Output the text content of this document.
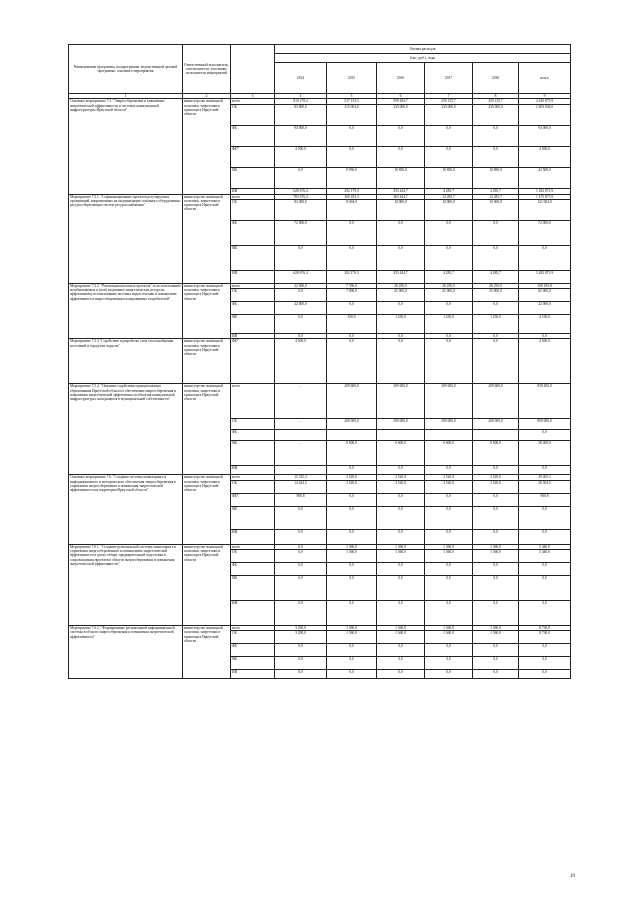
Наименование программы, подпрограммы, ведомственной целевой программы, основного мероприятия	Ответственный исполнитель, соисполнители, участники, исполнители мероприятий		Оценка расходов					
			(тыс. руб.), годы					
			2014	2015	2016	2017	2018	итого
1	2	3	4	5	6	7	8	9
Основное мероприятие 7.5. "Энергосбережение и повышение энергетической эффективности в системах коммунальной инфраструктуры Иркутской области"	министерство жилищной политики, энергетики и транспорта Иркутской области	всего	810 178,4	517 133,3	599 294,7	250 135,7	250 135,7	2 426 875,9
		ОБ	83 000,0	215 004,0	235 000,0	235 000,0	235 000,0	1 003 004,0
		ФБ	94 000,0	0,0	0,0	0,0	0,0	94 000,0
		ФБ*	4 500,0	0,0	0,0	0,0	0,0	4 500,0
		МБ	0,0	9 950,0	10 850,0	10 850,0	10 850,0	42 500,0
		ИИ	628 676,4	292 179,3	353 444,7	4 285,7	4 285,7	1 282 871,9
Мероприятие 7.5.1. "Софинансирование проектов регулируемых организаций, направленных на модернизацию основного оборудования, ресурсосберегающих систем ресурсоснабжения"	министерство жилищной политики, энергетики и транспорта Иркутской области	всего	783 676,4	300 183,3	363 444,7	14 285,7	14 285,7	1 475 875,9
		ОБ	83 000,0	8 004,0	10 000,0	10 000,0	10 000,0	121 004,0
		ФБ	72 000,0	0,0	0,0	0,0	0,0	72 000,0
		МБ	0,0	0,0	0,0	0,0	0,0	0,0
		ИИ	628 676,4	292 179,3	353 444,7	4 285,7	4 285,7	1 282 871,9
Мероприятие 7.5.2. "Реализация пилотных проектов" по использованию возобновляемых и (или) вторичных энергетических ресурсов, эффективному использованию местных видов топлива и повышению эффективности энергосбережения изолированных потребителей"	министерство жилищной политики, энергетики и транспорта Иркутской области	всего	22 000,0	7 350,0	26 250,0	26 250,0	26 250,0	108 100,0
		ОБ	0,0	7 000,0	25 000,0	25 000,0	25 000,0	82 000,0
		ФБ	22 000,0	0,0	0,0	0,0	0,0	22 000,0
		МБ	0,0	350,0	1 250,0	1 250,0	1 250,0	4 100,0
		ИИ	0,0	0,0	0,0	0,0	0,0	0,0
Мероприятие 7.5.3 "Содействие в разработке схем теплоснабжения поселений и городских округов"	министерство жилищной политики, энергетики и транспорта Иркутской области	ФБ*	4 500,0	0,0	0,0	0,0	0,0	4 500,0
Мероприятие 7.5.4. "Оказание содействия муниципальным образованиям Иркутской области в обеспечении энергосбережения и повышения энергетической эффективности объектов коммунальной инфраструктуры, находящихся в муниципальной собственности"	министерство жилищной политики, энергетики и транспорта Иркутской области	всего	–	209 600,0	209 600,0	209 600,0	209 600,0	838 400,0
		ОБ	–	200 000,0	200 000,0	200 000,0	200 000,0	800 000,0
		ФБ						0,0
		МБ	–	9 600,0	9 600,0	9 600,0	9 600,0	38 400,0
		ИИ	–	0,0	0,0	0,0	0,0	0,0
Основное мероприятие 7.6. "Создание системы мониторинга и информационного и методического обеспечения энергосбережения в управлении энергосбережения и повышения энергетической эффективности на территории Иркутской области"	министерство жилищной политики, энергетики и транспорта Иркутской области	всего	15 325,3	3 520,0	3 520,0	3 520,0	3 520,0	29 405,3
		ОБ	14 424,5	3 520,0	3 520,0	3 520,0	3 520,0	28 504,5
		ФБ*	900,8	0,0	0,0	0,0	0,0	900,8
		МБ	0,0	0,0	0,0	0,0	0,0	0,0
		ИИ	0,0	0,0	0,0	0,0	0,0	0,0
Мероприятие 7.6.1. "Создание региональной системы мониторинга и управления энергосбережением и повышением энергетической эффективности в целях отбора, предварительной подготовки и сопровождения проектов в области энергосбережения и повышения энергетической эффективности"	министерство жилищной политики, энергетики и транспорта Иркутской области	всего	0,0	1 360,0	1 360,0	1 360,0	1 360,0	5 440,0
		ОБ	0,0	1 360,0	1 360,0	1 360,0	1 360,0	5 440,0
		ФБ	0,0	0,0	0,0	0,0	0,0	0,0
		МБ	0,0	0,0	0,0	0,0	0,0	0,0
		ИИ	0,0	0,0	0,0	0,0	0,0	0,0
Мероприятие 7.6.2. "Формирование региональной информационной системы в области энергосбережения и повышения энергетической эффективности"	министерство жилищной политики, энергетики и транспорта Иркутской области	всего	3 290,0	1 360,0	1 360,0	1 360,0	1 360,0	8 730,0
		ОБ	3 290,0	1 360,0	1 360,0	1 360,0	1 360,0	8 730,0
		ФБ	0,0	0,0	0,0	0,0	0,0	0,0
		МБ	0,0	0,0	0,0	0,0	0,0	0,0
		ИИ	0,0	0,0	0,0	0,0	0,0	0,0
10
